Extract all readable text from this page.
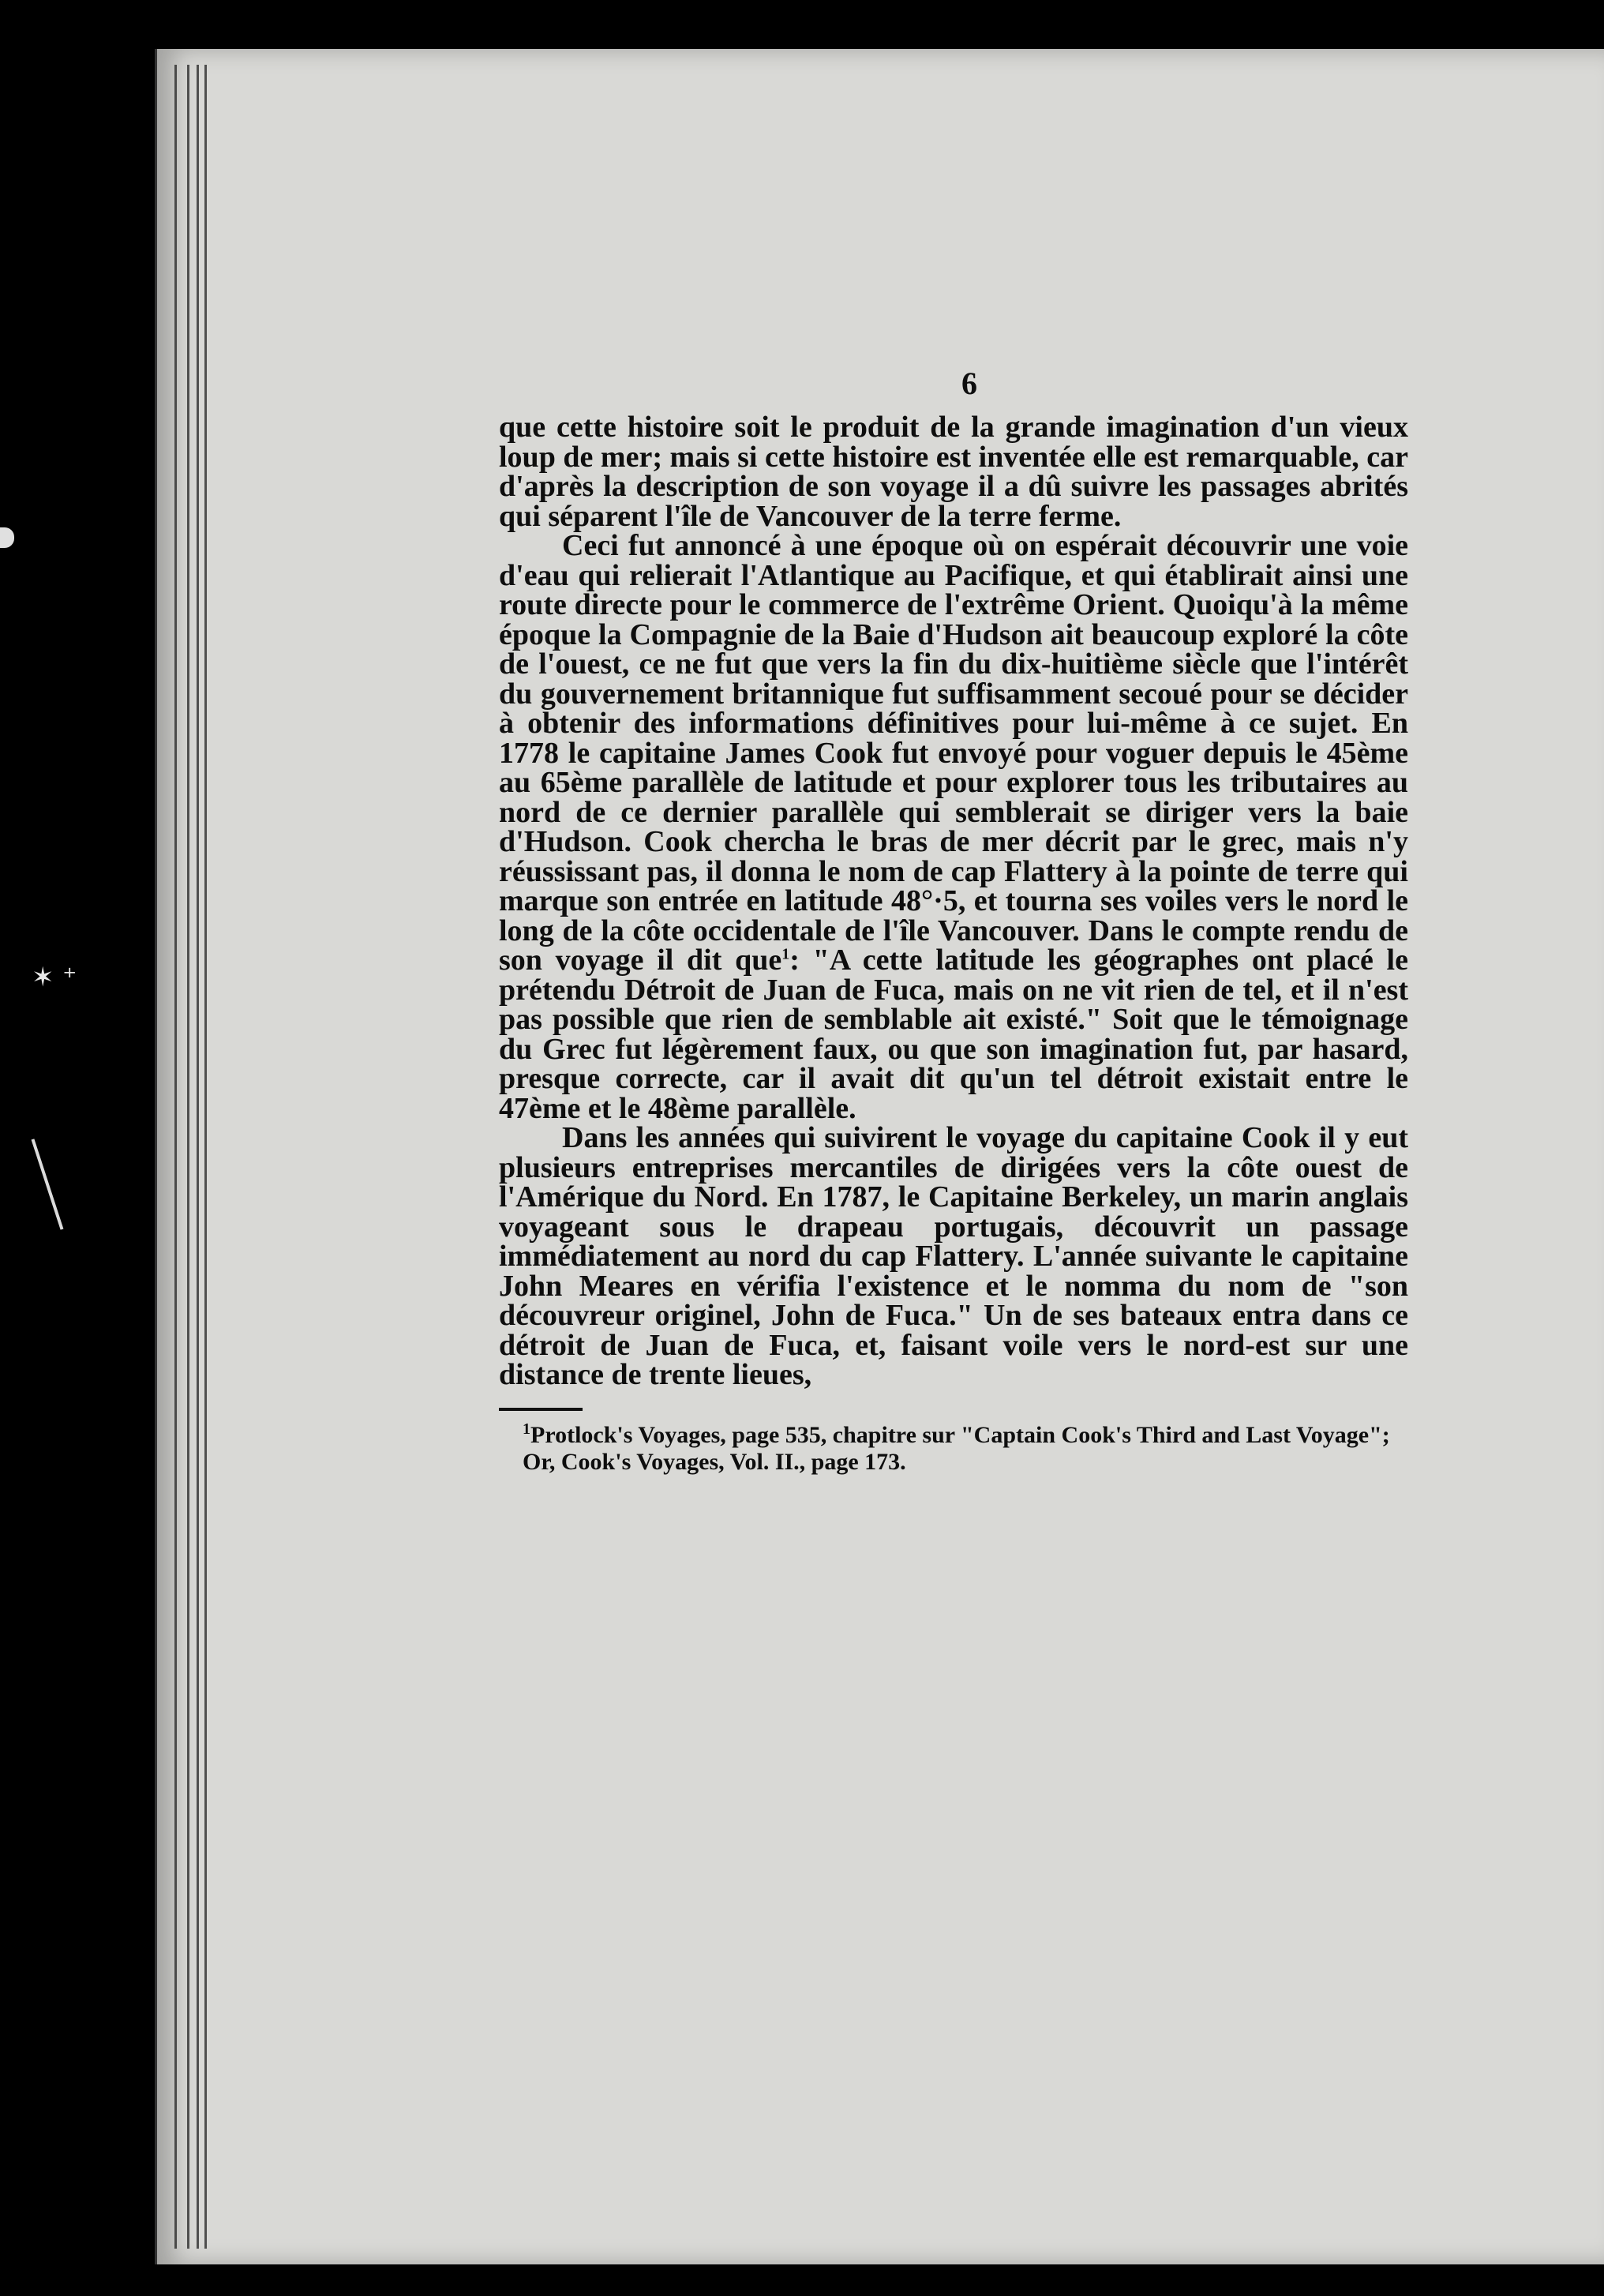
✶ ⁺

6

que cette histoire soit le produit de la grande imagination d'un vieux loup de mer; mais si cette histoire est inventée elle est remarquable, car d'après la description de son voyage il a dû suivre les passages abrités qui séparent l'île de Vancouver de la terre ferme.

Ceci fut annoncé à une époque où on espérait découvrir une voie d'eau qui relierait l'Atlantique au Pacifique, et qui établirait ainsi une route directe pour le commerce de l'extrême Orient. Quoiqu'à la même époque la Compagnie de la Baie d'Hudson ait beaucoup exploré la côte de l'ouest, ce ne fut que vers la fin du dix-huitième siècle que l'intérêt du gouvernement britannique fut suffisamment secoué pour se décider à obtenir des informations définitives pour lui-même à ce sujet. En 1778 le capitaine James Cook fut envoyé pour voguer depuis le 45ème au 65ème parallèle de latitude et pour explorer tous les tributaires au nord de ce dernier parallèle qui semblerait se diriger vers la baie d'Hudson. Cook chercha le bras de mer décrit par le grec, mais n'y réussissant pas, il donna le nom de cap Flattery à la pointe de terre qui marque son entrée en latitude 48°·5, et tourna ses voiles vers le nord le long de la côte occidentale de l'île Vancouver. Dans le compte rendu de son voyage il dit que$^1$: "A cette latitude les géographes ont placé le prétendu Détroit de Juan de Fuca, mais on ne vit rien de tel, et il n'est pas possible que rien de semblable ait existé." Soit que le témoignage du Grec fut légèrement faux, ou que son imagination fut, par hasard, presque correcte, car il avait dit qu'un tel détroit existait entre le 47ème et le 48ème parallèle.

Dans les années qui suivirent le voyage du capitaine Cook il y eut plusieurs entreprises mercantiles de dirigées vers la côte ouest de l'Amérique du Nord. En 1787, le Capitaine Berkeley, un marin anglais voyageant sous le drapeau portugais, découvrit un passage immédiatement au nord du cap Flattery. L'année suivante le capitaine John Meares en vérifia l'existence et le nomma du nom de "son découvreur originel, John de Fuca." Un de ses bateaux entra dans ce détroit de Juan de Fuca, et, faisant voile vers le nord-est sur une distance de trente lieues,

$^1$Protlock's Voyages, page 535, chapitre sur "Captain Cook's Third and Last Voyage";

Or, Cook's Voyages, Vol. II., page 173.
